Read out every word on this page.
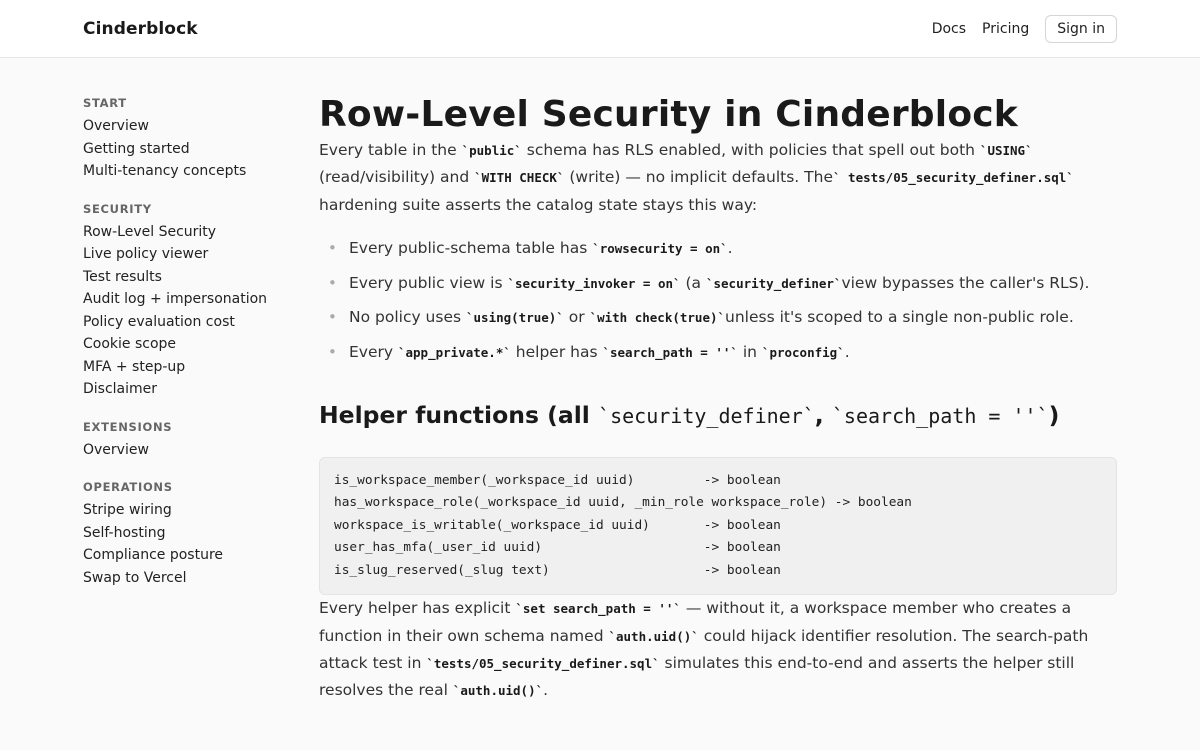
Cinderblock	Docs Pricing	Sign in
START
Overview
Getting started
Multi-tenancy concepts
SECURITY
Row-Level Security
Live policy viewer
Test results
Audit log + impersonation
Policy evaluation cost
Cookie scope
MFA + step-up
Disclaimer
EXTENSIONS
Overview
OPERATIONS
Stripe wiring
Self-hosting
Compliance posture
Swap to Vercel
Row-Level Security in Cinderblock

Every table in the `public` schema has RLS enabled, with policies that spell out both `USING` (read/visibility) and `WITH CHECK` (write) — no implicit defaults. The` tests/05_security_definer.sql` hardening suite asserts the catalog state stays this way:

• Every public-schema table has `rowsecurity = on`.
• Every public view is `security_invoker = on` (a `security_definer`view bypasses the caller's RLS).
• No policy uses `using(true)` or `with check(true)`unless it's scoped to a single non-public role.
• Every `app_private.*` helper has `search_path = ''` in `proconfig`.
Helper functions (all `security_definer`, `search_path = ''`)
is_workspace_member(_workspace_id uuid)         -> boolean
has_workspace_role(_workspace_id uuid, _min_role workspace_role) -> boolean
workspace_is_writable(_workspace_id uuid)       -> boolean
user_has_mfa(_user_id uuid)                     -> boolean
is_slug_reserved(_slug text)                    -> boolean

Every helper has explicit `set search_path = ''` — without it, a workspace member who creates a function in their own schema named `auth.uid()` could hijack identifier resolution. The search-path attack test in `tests/05_security_definer.sql` simulates this end-to-end and asserts the helper still resolves the real `auth.uid()`.
